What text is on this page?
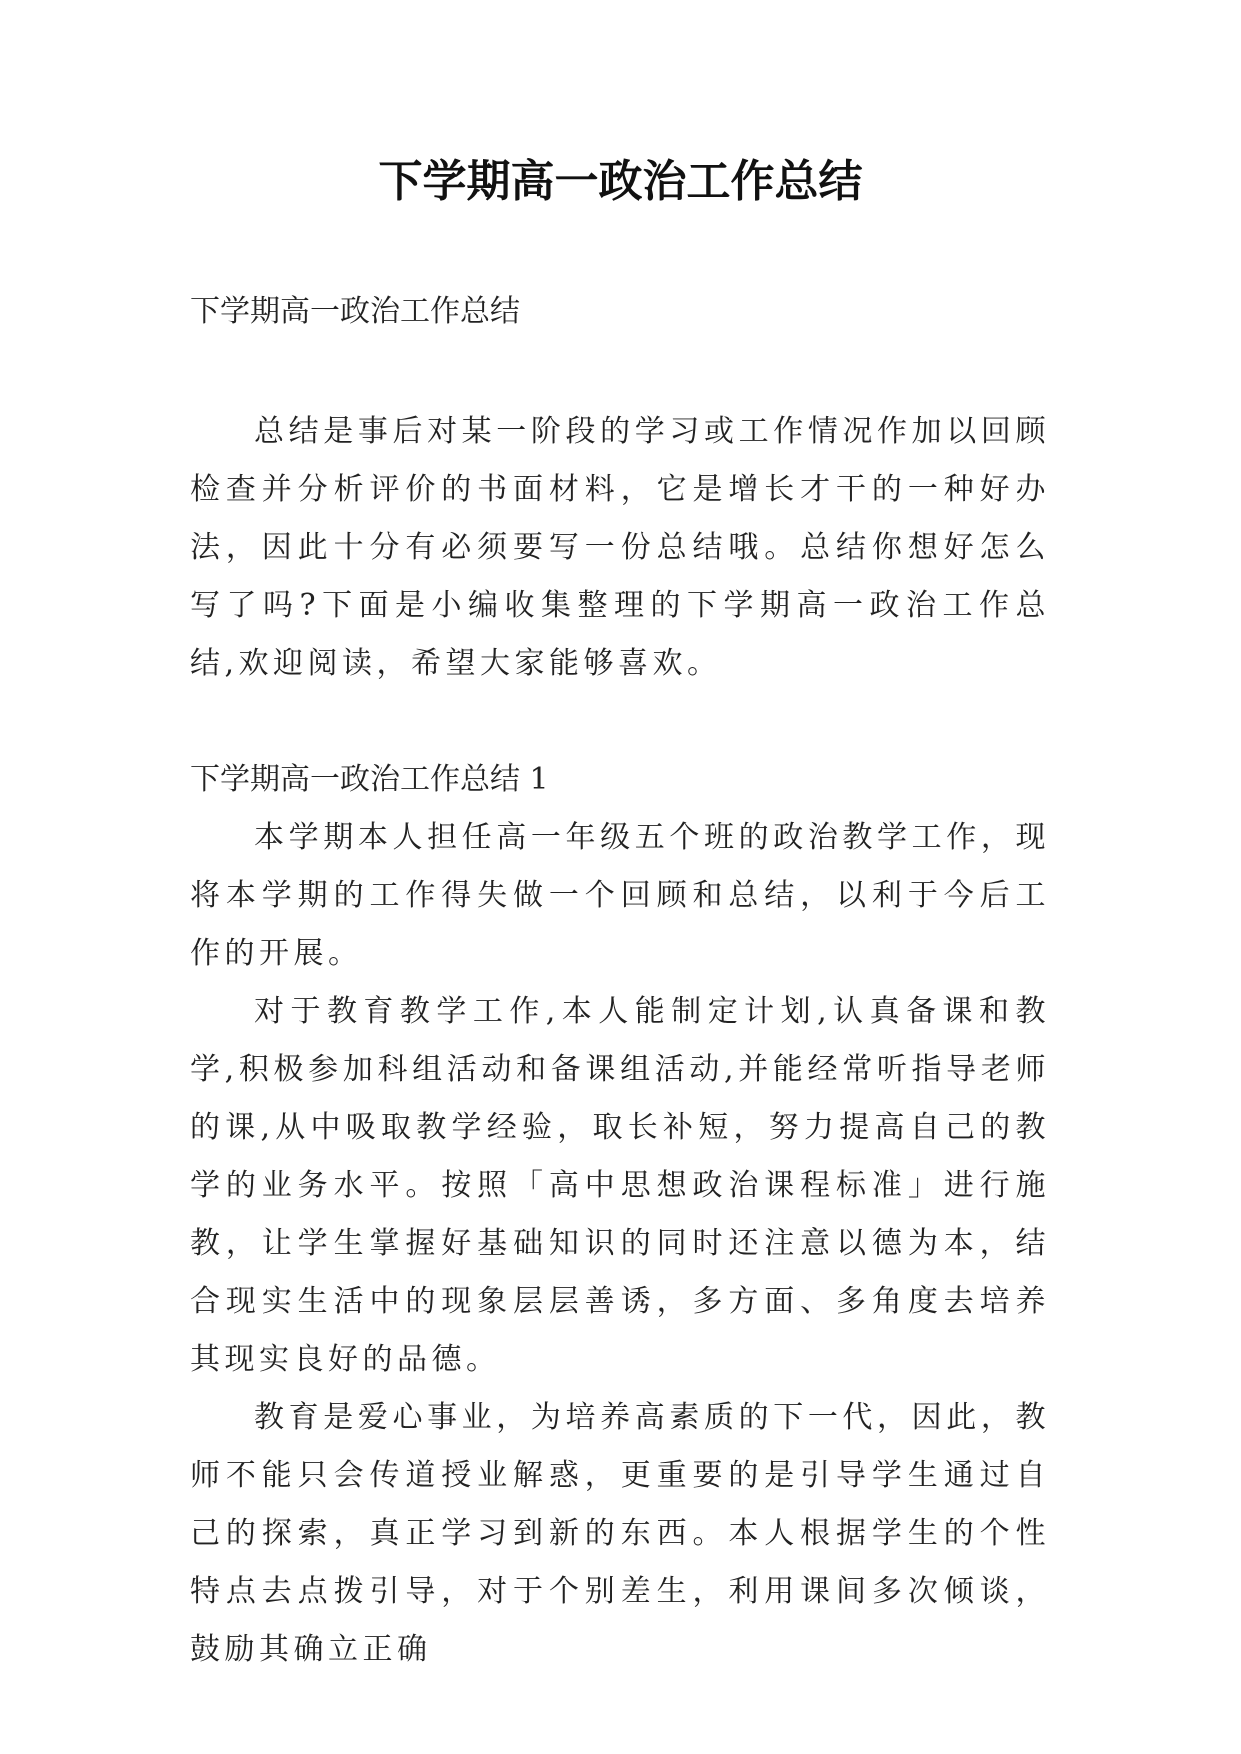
下学期高一政治工作总结

下学期高一政治工作总结

总结是事后对某一阶段的学习或工作情况作加以回顾检查并分析评价的书面材料，它是增长才干的一种好办法，因此十分有必须要写一份总结哦。总结你想好怎么写了吗?下面是小编收集整理的下学期高一政治工作总结,欢迎阅读，希望大家能够喜欢。

下学期高一政治工作总结 1

本学期本人担任高一年级五个班的政治教学工作，现将本学期的工作得失做一个回顾和总结，以利于今后工作的开展。

对于教育教学工作,本人能制定计划,认真备课和教学,积极参加科组活动和备课组活动,并能经常听指导老师的课,从中吸取教学经验，取长补短，努力提高自己的教学的业务水平。按照「高中思想政治课程标准」进行施教，让学生掌握好基础知识的同时还注意以德为本，结合现实生活中的现象层层善诱，多方面、多角度去培养其现实良好的品德。

教育是爱心事业，为培养高素质的下一代，因此，教师不能只会传道授业解惑，更重要的是引导学生通过自己的探索，真正学习到新的东西。本人根据学生的个性特点去点拨引导，对于个别差生，利用课间多次倾谈，鼓励其确立正确
